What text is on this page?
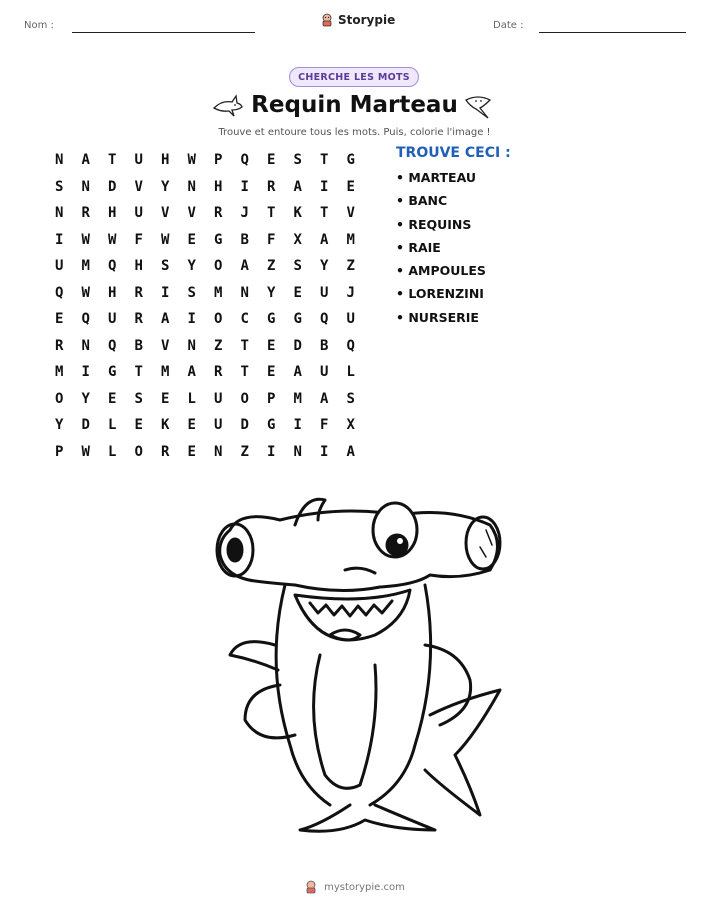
Nom :	Storypie	Date :
CHERCHE LES MOTS
Requin Marteau
Trouve et entoure tous les mots. Puis, colorie l'image !
N	A	T	U	H	W	P	Q	E	S	T	G
S	N	D	V	Y	N	H	I	R	A	I	E
N	R	H	U	V	V	R	J	T	K	T	V
I	W	W	F	W	E	G	B	F	X	A	M
U	M	Q	H	S	Y	O	A	Z	S	Y	Z
Q	W	H	R	I	S	M	N	Y	E	U	J
E	Q	U	R	A	I	O	C	G	G	Q	U
R	N	Q	B	V	N	Z	T	E	D	B	Q
M	I	G	T	M	A	R	T	E	A	U	L
O	Y	E	S	E	L	U	O	P	M	A	S
Y	D	L	E	K	E	U	D	G	I	F	X
P	W	L	O	R	E	N	Z	I	N	I	A
TROUVE CECI :
• MARTEAU
• BANC
• REQUINS
• RAIE
• AMPOULES
• LORENZINI
• NURSERIE
mystorypie.com
